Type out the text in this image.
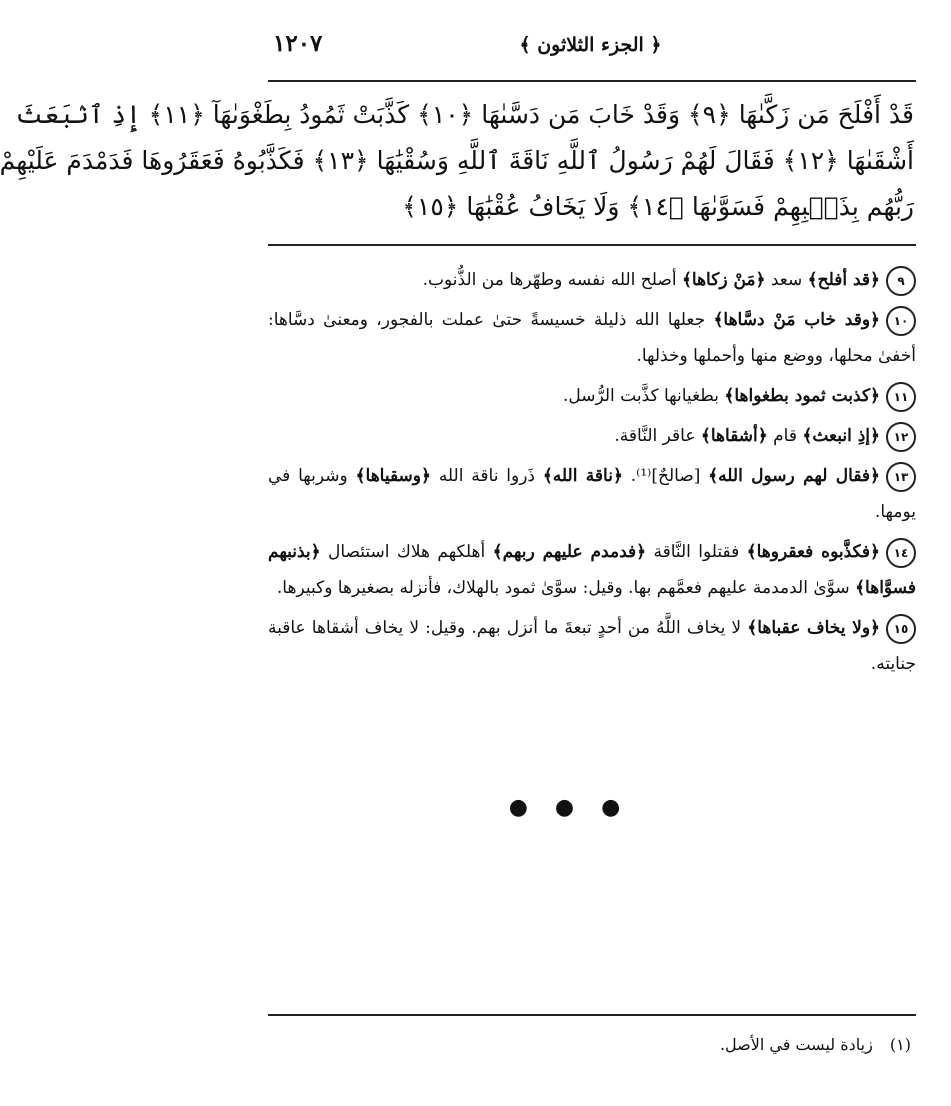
﴿ الجزء الثلاثون ﴾
١٢٠٧
قَدْ أَفْلَحَ مَن زَكَّىٰهَا ﴿٩﴾ وَقَدْ خَابَ مَن دَسَّىٰهَا ﴿١٠﴾ كَذَّبَتْ ثَمُودُ بِطَغْوَىٰهَآ ﴿١١﴾ إِذِ ٱنۢبَعَثَ
أَشْقَىٰهَا ﴿١٢﴾ فَقَالَ لَهُمْ رَسُولُ ٱللَّهِ نَاقَةَ ٱللَّهِ وَسُقْيَٰهَا ﴿١٣﴾ فَكَذَّبُوهُ فَعَقَرُوهَا فَدَمْدَمَ عَلَيْهِمْ
رَبُّهُم بِذَنۢبِهِمْ فَسَوَّىٰهَا ﴿١٤﴾ وَلَا يَخَافُ عُقْبَٰهَا ﴿١٥﴾
٩﴿قد أفلح﴾ سعد ﴿مَنْ زكاها﴾ أصلح الله نفسه وطهّرها من الذُّنوب.
١٠﴿وقد خاب مَنْ دسَّاها﴾ جعلها الله ذليلة خسيسةً حتىٰ عملت بالفجور، ومعنىٰ دسَّاها: أخفىٰ محلها، ووضع منها وأحملها وخذلها.
١١﴿كذبت ثمود بطغواها﴾ بطغيانها كذَّبت الرُّسل.
١٢﴿إذِ انبعث﴾ قام ﴿أشقاها﴾ عاقر النَّاقة.
١٣﴿فقال لهم رسول الله﴾ [صالحٌ]⁽¹⁾. ﴿ناقة الله﴾ ذَروا ناقة الله ﴿وسقياها﴾ وشربها في يومها.
١٤﴿فكذَّبوه فعقروها﴾ فقتلوا النَّاقة ﴿فدمدم عليهم ربهم﴾ أهلكهم هلاك استئصال ﴿بذنبهم فسوَّاها﴾ سوَّىٰ الدمدمة عليهم فعمَّهم بها. وقيل: سوَّىٰ ثمود بالهلاك، فأنزله بصغيرها وكبيرها.
١٥﴿ولا يخاف عقباها﴾ لا يخاف اللَّهُ من أحدٍ تبعةَ ما أنزل بهم. وقيل: لا يخاف أشقاها عاقبة جنايته.
● ● ●
(١) زيادة ليست في الأصل.
